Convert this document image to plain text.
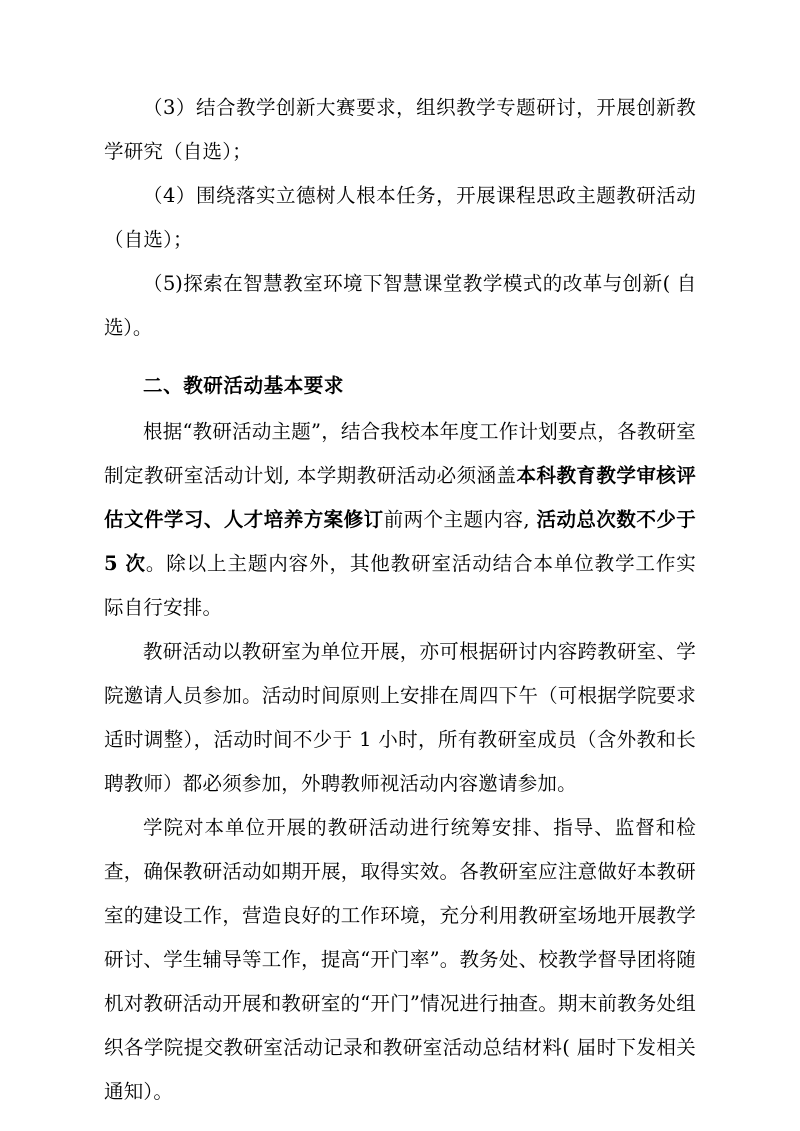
（3）结合教学创新大赛要求，组织教学专题研讨，开展创新教学研究（自选）；

（4）围绕落实立德树人根本任务，开展课程思政主题教研活动（自选）；

（5)探索在智慧教室环境下智慧课堂教学模式的改革与创新( 自选）。

二、教研活动基本要求

根据“教研活动主题”，结合我校本年度工作计划要点，各教研室制定教研室活动计划, 本学期教研活动必须涵盖本科教育教学审核评估文件学习、人才培养方案修订前两个主题内容, 活动总次数不少于 5 次。除以上主题内容外，其他教研室活动结合本单位教学工作实际自行安排。

教研活动以教研室为单位开展，亦可根据研讨内容跨教研室、学院邀请人员参加。活动时间原则上安排在周四下午（可根据学院要求适时调整），活动时间不少于 1 小时，所有教研室成员（含外教和长聘教师）都必须参加，外聘教师视活动内容邀请参加。

学院对本单位开展的教研活动进行统筹安排、指导、监督和检查，确保教研活动如期开展，取得实效。各教研室应注意做好本教研室的建设工作，营造良好的工作环境，充分利用教研室场地开展教学研讨、学生辅导等工作，提高“开门率”。教务处、校教学督导团将随机对教研活动开展和教研室的“开门”情况进行抽查。期末前教务处组织各学院提交教研室活动记录和教研室活动总结材料( 届时下发相关通知）。
